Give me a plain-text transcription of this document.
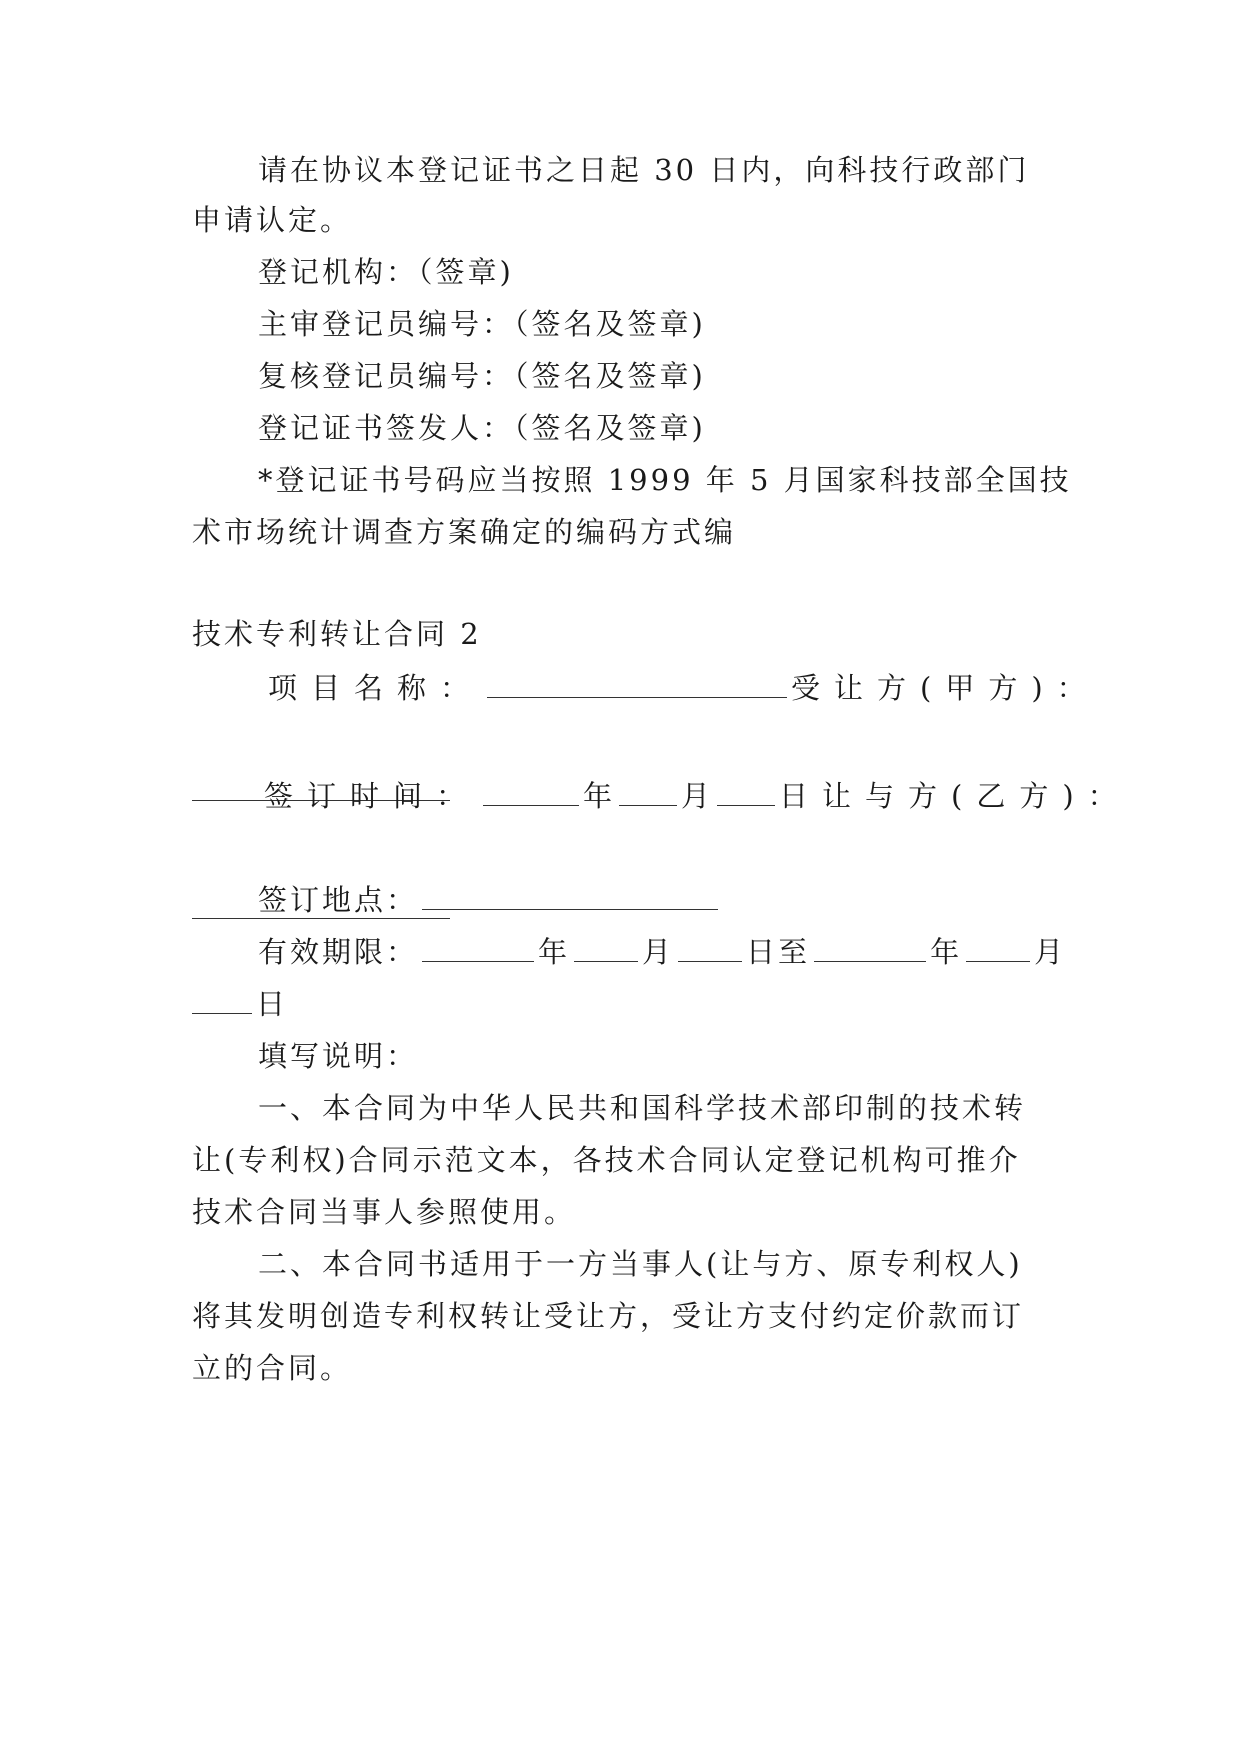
请在协议本登记证书之日起 30 日内，向科技行政部门
申请认定。
登记机构：（签章)
主审登记员编号：（签名及签章)
复核登记员编号：（签名及签章)
登记证书签发人：（签名及签章)
*登记证书号码应当按照 1999 年 5 月国家科技部全国技
术市场统计调查方案确定的编码方式编
技术专利转让合同 2
项目名称：	受让方(甲方)：
签订时间：	年 月 日让与方(乙方)：
签订地点：
有效期限：	年 月 日至	年 月
日
填写说明：
一、本合同为中华人民共和国科学技术部印制的技术转
让(专利权)合同示范文本，各技术合同认定登记机构可推介
技术合同当事人参照使用。
二、本合同书适用于一方当事人(让与方、原专利权人)
将其发明创造专利权转让受让方，受让方支付约定价款而订
立的合同。
